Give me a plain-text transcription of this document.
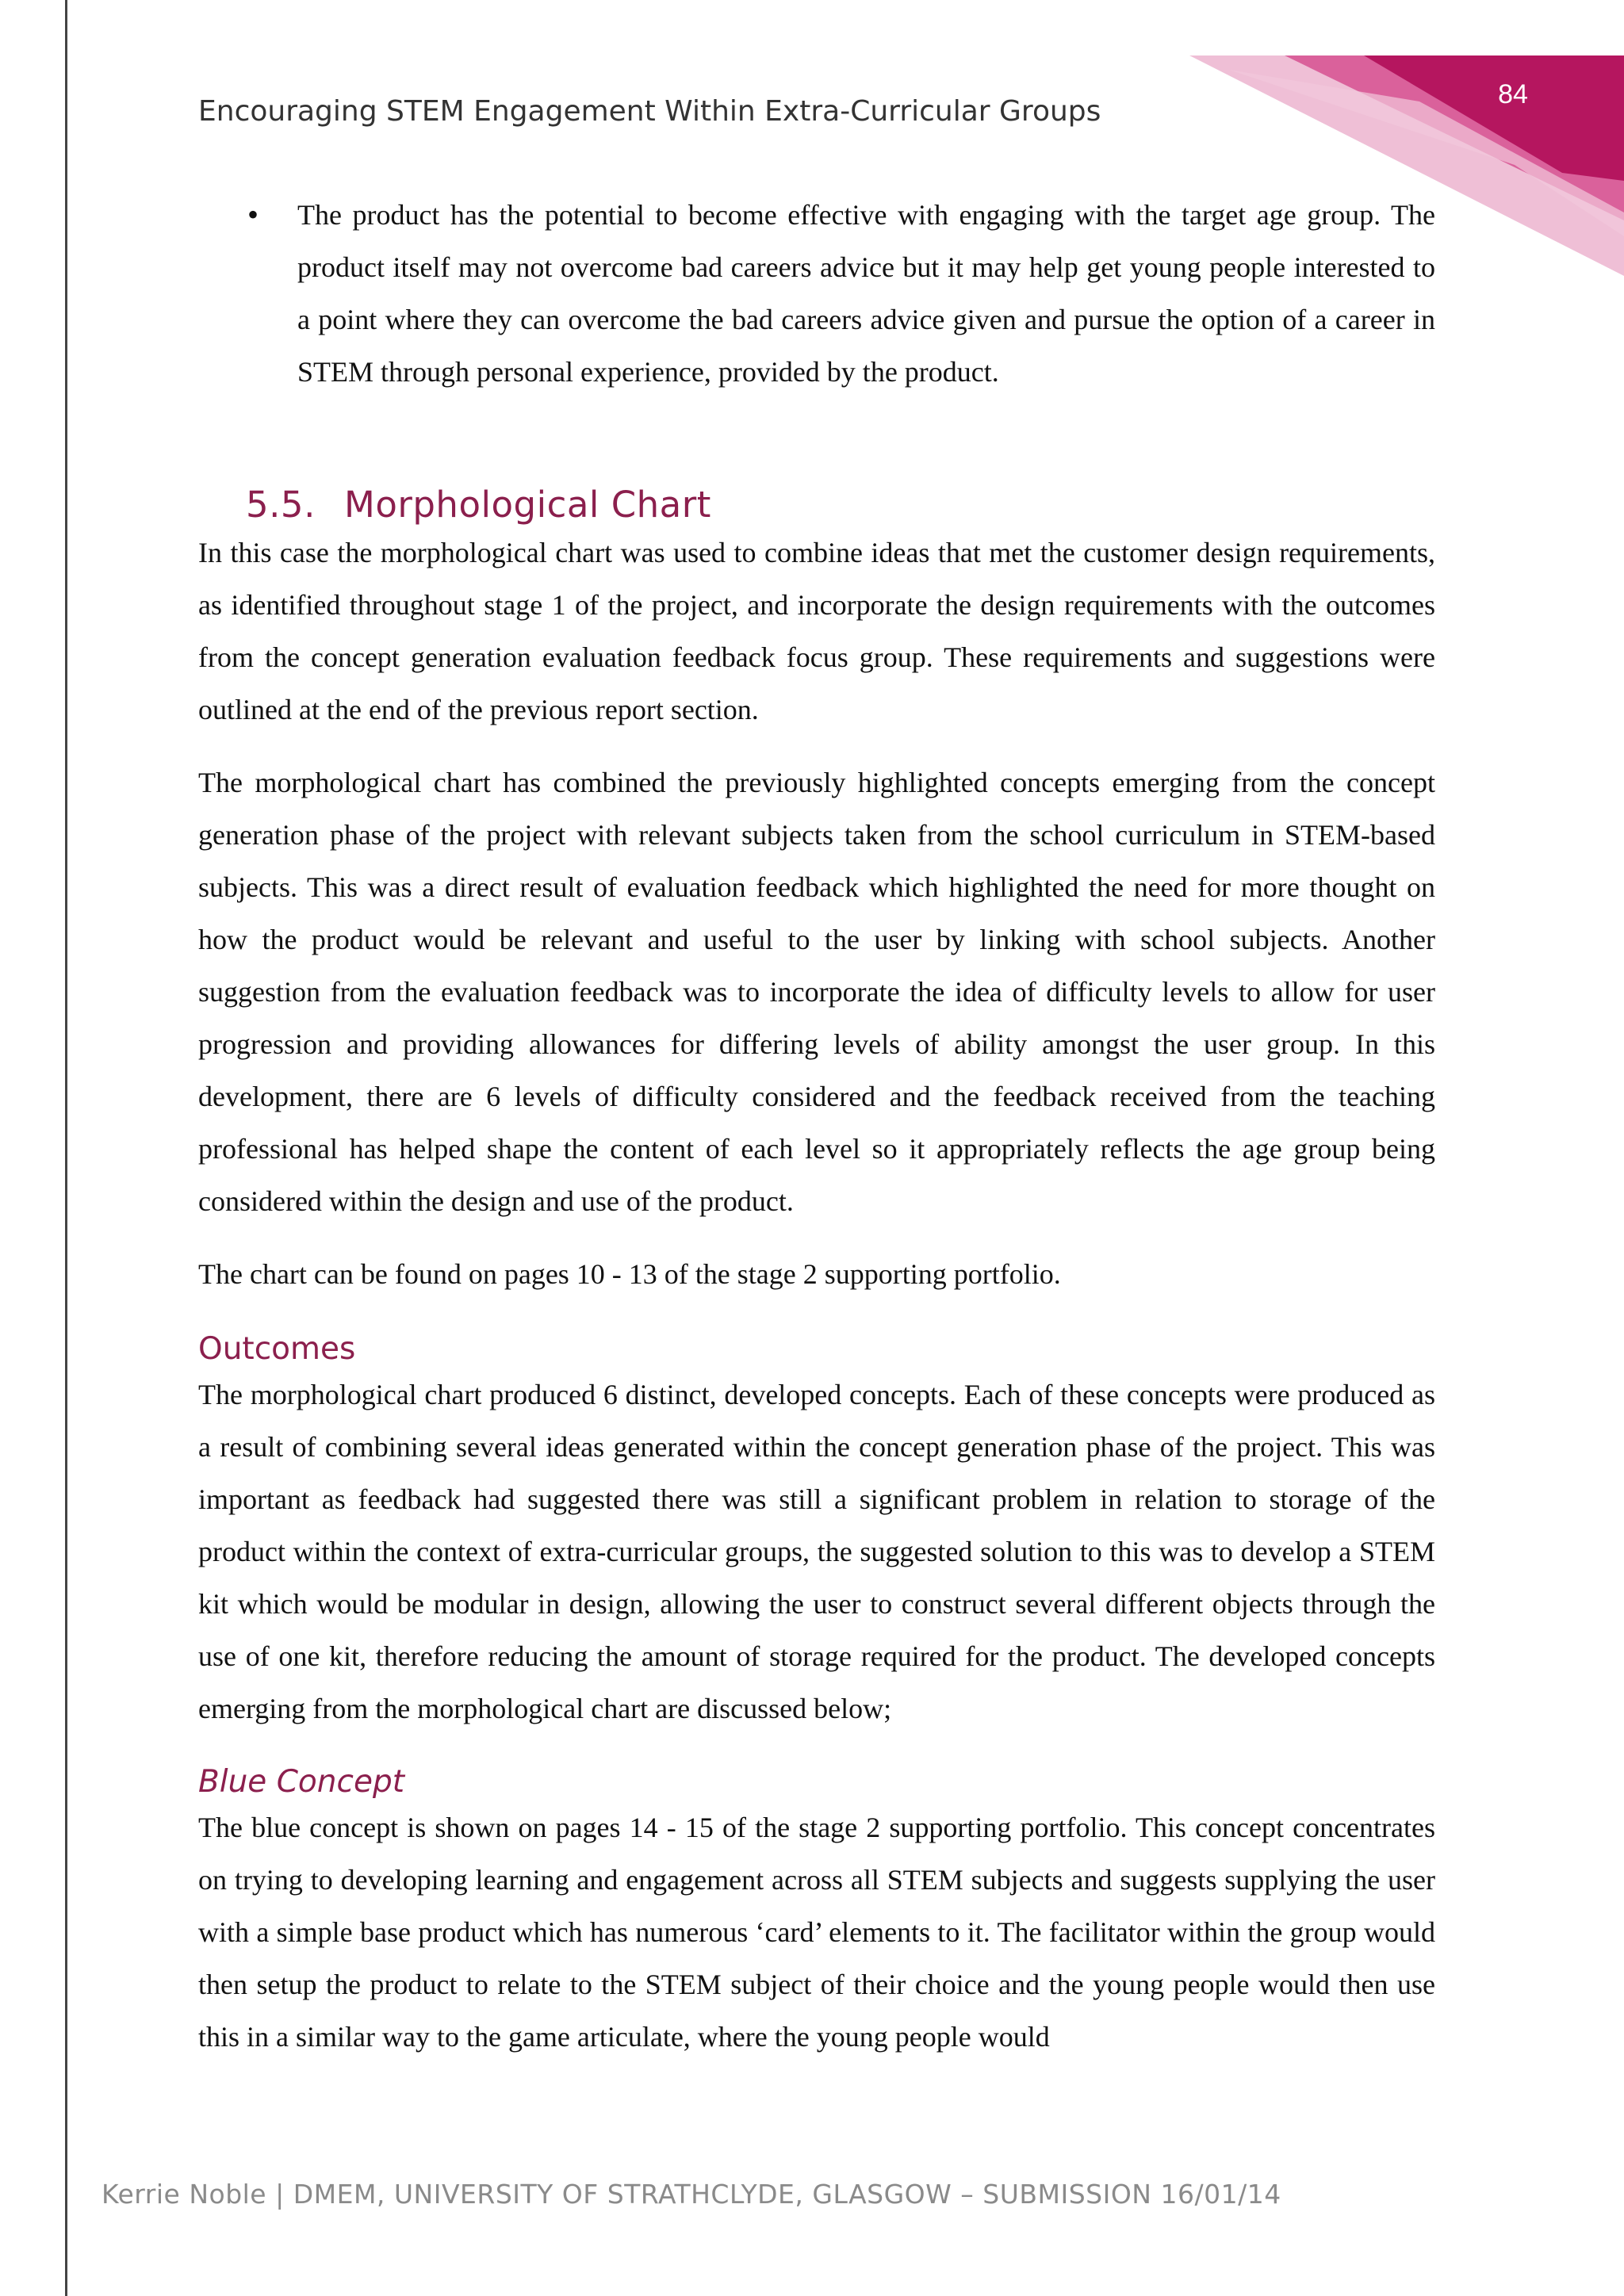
84
Encouraging STEM Engagement Within Extra-Curricular Groups
• The product has the potential to become effective with engaging with the target age group. The product itself may not overcome bad careers advice but it may help get young people interested to a point where they can overcome the bad careers advice given and pursue the option of a career in STEM through personal experience, provided by the product.

5.5. Morphological Chart

In this case the morphological chart was used to combine ideas that met the customer design requirements, as identified throughout stage 1 of the project, and incorporate the design requirements with the outcomes from the concept generation evaluation feedback focus group. These requirements and suggestions were outlined at the end of the previous report section.

The morphological chart has combined the previously highlighted concepts emerging from the concept generation phase of the project with relevant subjects taken from the school curriculum in STEM-based subjects. This was a direct result of evaluation feedback which highlighted the need for more thought on how the product would be relevant and useful to the user by linking with school subjects. Another suggestion from the evaluation feedback was to incorporate the idea of difficulty levels to allow for user progression and providing allowances for differing levels of ability amongst the user group. In this development, there are 6 levels of difficulty considered and the feedback received from the teaching professional has helped shape the content of each level so it appropriately reflects the age group being considered within the design and use of the product.

The chart can be found on pages 10 - 13 of the stage 2 supporting portfolio.

Outcomes

The morphological chart produced 6 distinct, developed concepts. Each of these concepts were produced as a result of combining several ideas generated within the concept generation phase of the project. This was important as feedback had suggested there was still a significant problem in relation to storage of the product within the context of extra-curricular groups, the suggested solution to this was to develop a STEM kit which would be modular in design, allowing the user to construct several different objects through the use of one kit, therefore reducing the amount of storage required for the product. The developed concepts emerging from the morphological chart are discussed below;

Blue Concept

The blue concept is shown on pages 14 - 15 of the stage 2 supporting portfolio. This concept concentrates on trying to developing learning and engagement across all STEM subjects and suggests supplying the user with a simple base product which has numerous ‘card’ elements to it. The facilitator within the group would then setup the product to relate to the STEM subject of their choice and the young people would then use this in a similar way to the game articulate, where the young people would

Kerrie Noble | DMEM, UNIVERSITY OF STRATHCLYDE, GLASGOW – SUBMISSION 16/01/14
